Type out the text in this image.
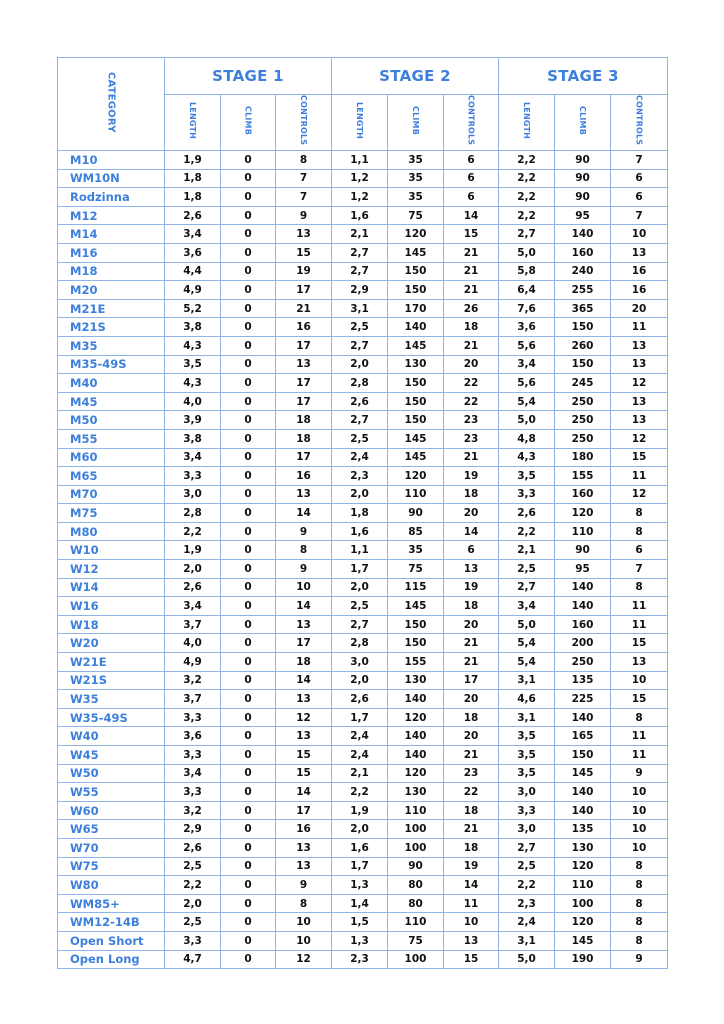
CATEGORY	STAGE 1			STAGE 2			STAGE 3		
	LENGTH	CLIMB	CONTROLS	LENGTH	CLIMB	CONTROLS	LENGTH	CLIMB	CONTROLS
M10	1,9	0	8	1,1	35	6	2,2	90	7
WM10N	1,8	0	7	1,2	35	6	2,2	90	6
Rodzinna	1,8	0	7	1,2	35	6	2,2	90	6
M12	2,6	0	9	1,6	75	14	2,2	95	7
M14	3,4	0	13	2,1	120	15	2,7	140	10
M16	3,6	0	15	2,7	145	21	5,0	160	13
M18	4,4	0	19	2,7	150	21	5,8	240	16
M20	4,9	0	17	2,9	150	21	6,4	255	16
M21E	5,2	0	21	3,1	170	26	7,6	365	20
M21S	3,8	0	16	2,5	140	18	3,6	150	11
M35	4,3	0	17	2,7	145	21	5,6	260	13
M35-49S	3,5	0	13	2,0	130	20	3,4	150	13
M40	4,3	0	17	2,8	150	22	5,6	245	12
M45	4,0	0	17	2,6	150	22	5,4	250	13
M50	3,9	0	18	2,7	150	23	5,0	250	13
M55	3,8	0	18	2,5	145	23	4,8	250	12
M60	3,4	0	17	2,4	145	21	4,3	180	15
M65	3,3	0	16	2,3	120	19	3,5	155	11
M70	3,0	0	13	2,0	110	18	3,3	160	12
M75	2,8	0	14	1,8	90	20	2,6	120	8
M80	2,2	0	9	1,6	85	14	2,2	110	8
W10	1,9	0	8	1,1	35	6	2,1	90	6
W12	2,0	0	9	1,7	75	13	2,5	95	7
W14	2,6	0	10	2,0	115	19	2,7	140	8
W16	3,4	0	14	2,5	145	18	3,4	140	11
W18	3,7	0	13	2,7	150	20	5,0	160	11
W20	4,0	0	17	2,8	150	21	5,4	200	15
W21E	4,9	0	18	3,0	155	21	5,4	250	13
W21S	3,2	0	14	2,0	130	17	3,1	135	10
W35	3,7	0	13	2,6	140	20	4,6	225	15
W35-49S	3,3	0	12	1,7	120	18	3,1	140	8
W40	3,6	0	13	2,4	140	20	3,5	165	11
W45	3,3	0	15	2,4	140	21	3,5	150	11
W50	3,4	0	15	2,1	120	23	3,5	145	9
W55	3,3	0	14	2,2	130	22	3,0	140	10
W60	3,2	0	17	1,9	110	18	3,3	140	10
W65	2,9	0	16	2,0	100	21	3,0	135	10
W70	2,6	0	13	1,6	100	18	2,7	130	10
W75	2,5	0	13	1,7	90	19	2,5	120	8
W80	2,2	0	9	1,3	80	14	2,2	110	8
WM85+	2,0	0	8	1,4	80	11	2,3	100	8
WM12-14B	2,5	0	10	1,5	110	10	2,4	120	8
Open Short	3,3	0	10	1,3	75	13	3,1	145	8
Open Long	4,7	0	12	2,3	100	15	5,0	190	9
